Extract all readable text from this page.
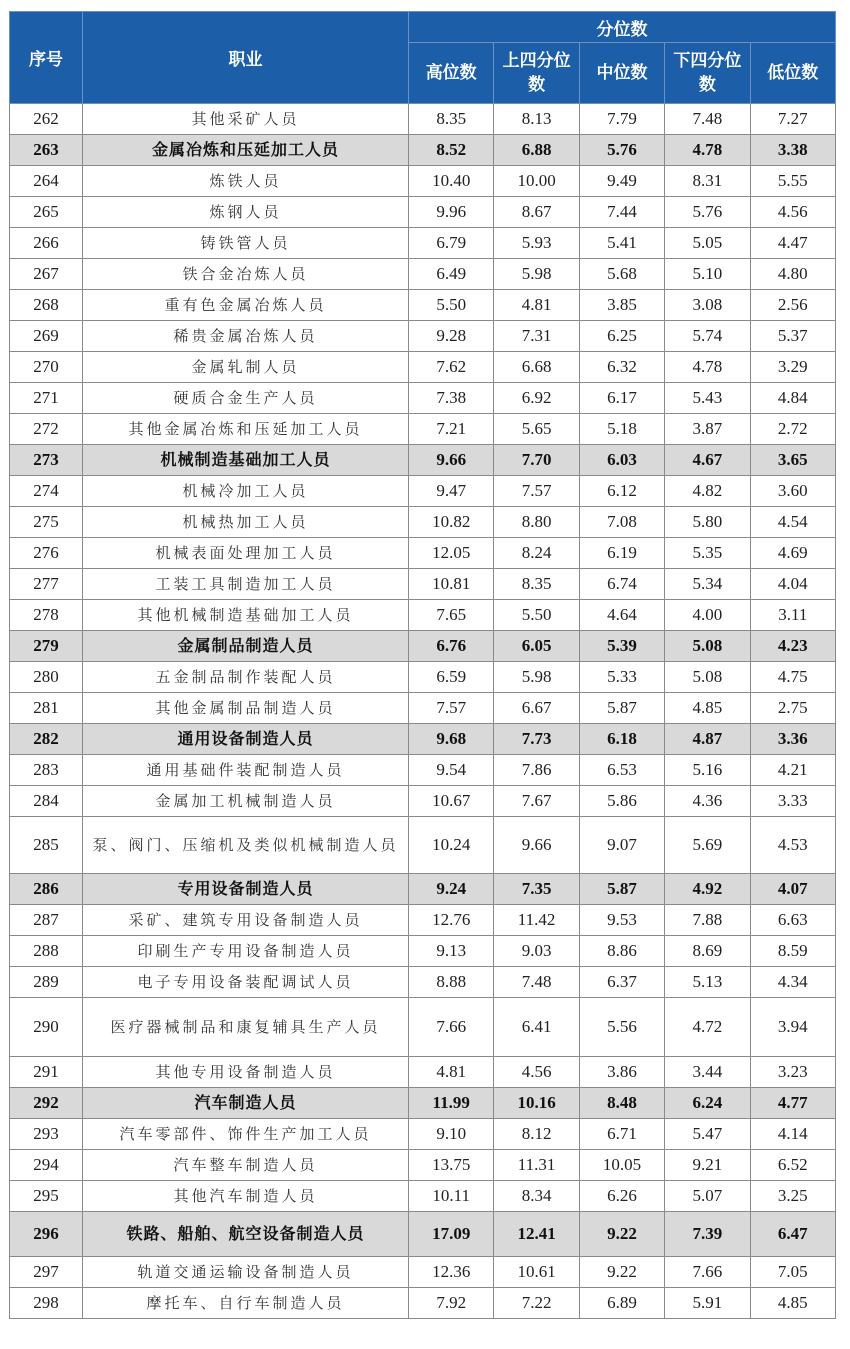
序号	职业	分位数				
		高位数	上四分位数	中位数	下四分位数	低位数
262	其他采矿人员	8.35	8.13	7.79	7.48	7.27
263	金属冶炼和压延加工人员	8.52	6.88	5.76	4.78	3.38
264	炼铁人员	10.40	10.00	9.49	8.31	5.55
265	炼钢人员	9.96	8.67	7.44	5.76	4.56
266	铸铁管人员	6.79	5.93	5.41	5.05	4.47
267	铁合金冶炼人员	6.49	5.98	5.68	5.10	4.80
268	重有色金属冶炼人员	5.50	4.81	3.85	3.08	2.56
269	稀贵金属冶炼人员	9.28	7.31	6.25	5.74	5.37
270	金属轧制人员	7.62	6.68	6.32	4.78	3.29
271	硬质合金生产人员	7.38	6.92	6.17	5.43	4.84
272	其他金属冶炼和压延加工人员	7.21	5.65	5.18	3.87	2.72
273	机械制造基础加工人员	9.66	7.70	6.03	4.67	3.65
274	机械冷加工人员	9.47	7.57	6.12	4.82	3.60
275	机械热加工人员	10.82	8.80	7.08	5.80	4.54
276	机械表面处理加工人员	12.05	8.24	6.19	5.35	4.69
277	工装工具制造加工人员	10.81	8.35	6.74	5.34	4.04
278	其他机械制造基础加工人员	7.65	5.50	4.64	4.00	3.11
279	金属制品制造人员	6.76	6.05	5.39	5.08	4.23
280	五金制品制作装配人员	6.59	5.98	5.33	5.08	4.75
281	其他金属制品制造人员	7.57	6.67	5.87	4.85	2.75
282	通用设备制造人员	9.68	7.73	6.18	4.87	3.36
283	通用基础件装配制造人员	9.54	7.86	6.53	5.16	4.21
284	金属加工机械制造人员	10.67	7.67	5.86	4.36	3.33
285	泵、阀门、压缩机及类似机械制造人员	10.24	9.66	9.07	5.69	4.53
286	专用设备制造人员	9.24	7.35	5.87	4.92	4.07
287	采矿、建筑专用设备制造人员	12.76	11.42	9.53	7.88	6.63
288	印刷生产专用设备制造人员	9.13	9.03	8.86	8.69	8.59
289	电子专用设备装配调试人员	8.88	7.48	6.37	5.13	4.34
290	医疗器械制品和康复辅具生产人员	7.66	6.41	5.56	4.72	3.94
291	其他专用设备制造人员	4.81	4.56	3.86	3.44	3.23
292	汽车制造人员	11.99	10.16	8.48	6.24	4.77
293	汽车零部件、饰件生产加工人员	9.10	8.12	6.71	5.47	4.14
294	汽车整车制造人员	13.75	11.31	10.05	9.21	6.52
295	其他汽车制造人员	10.11	8.34	6.26	5.07	3.25
296	铁路、船舶、航空设备制造人员	17.09	12.41	9.22	7.39	6.47
297	轨道交通运输设备制造人员	12.36	10.61	9.22	7.66	7.05
298	摩托车、自行车制造人员	7.92	7.22	6.89	5.91	4.85
